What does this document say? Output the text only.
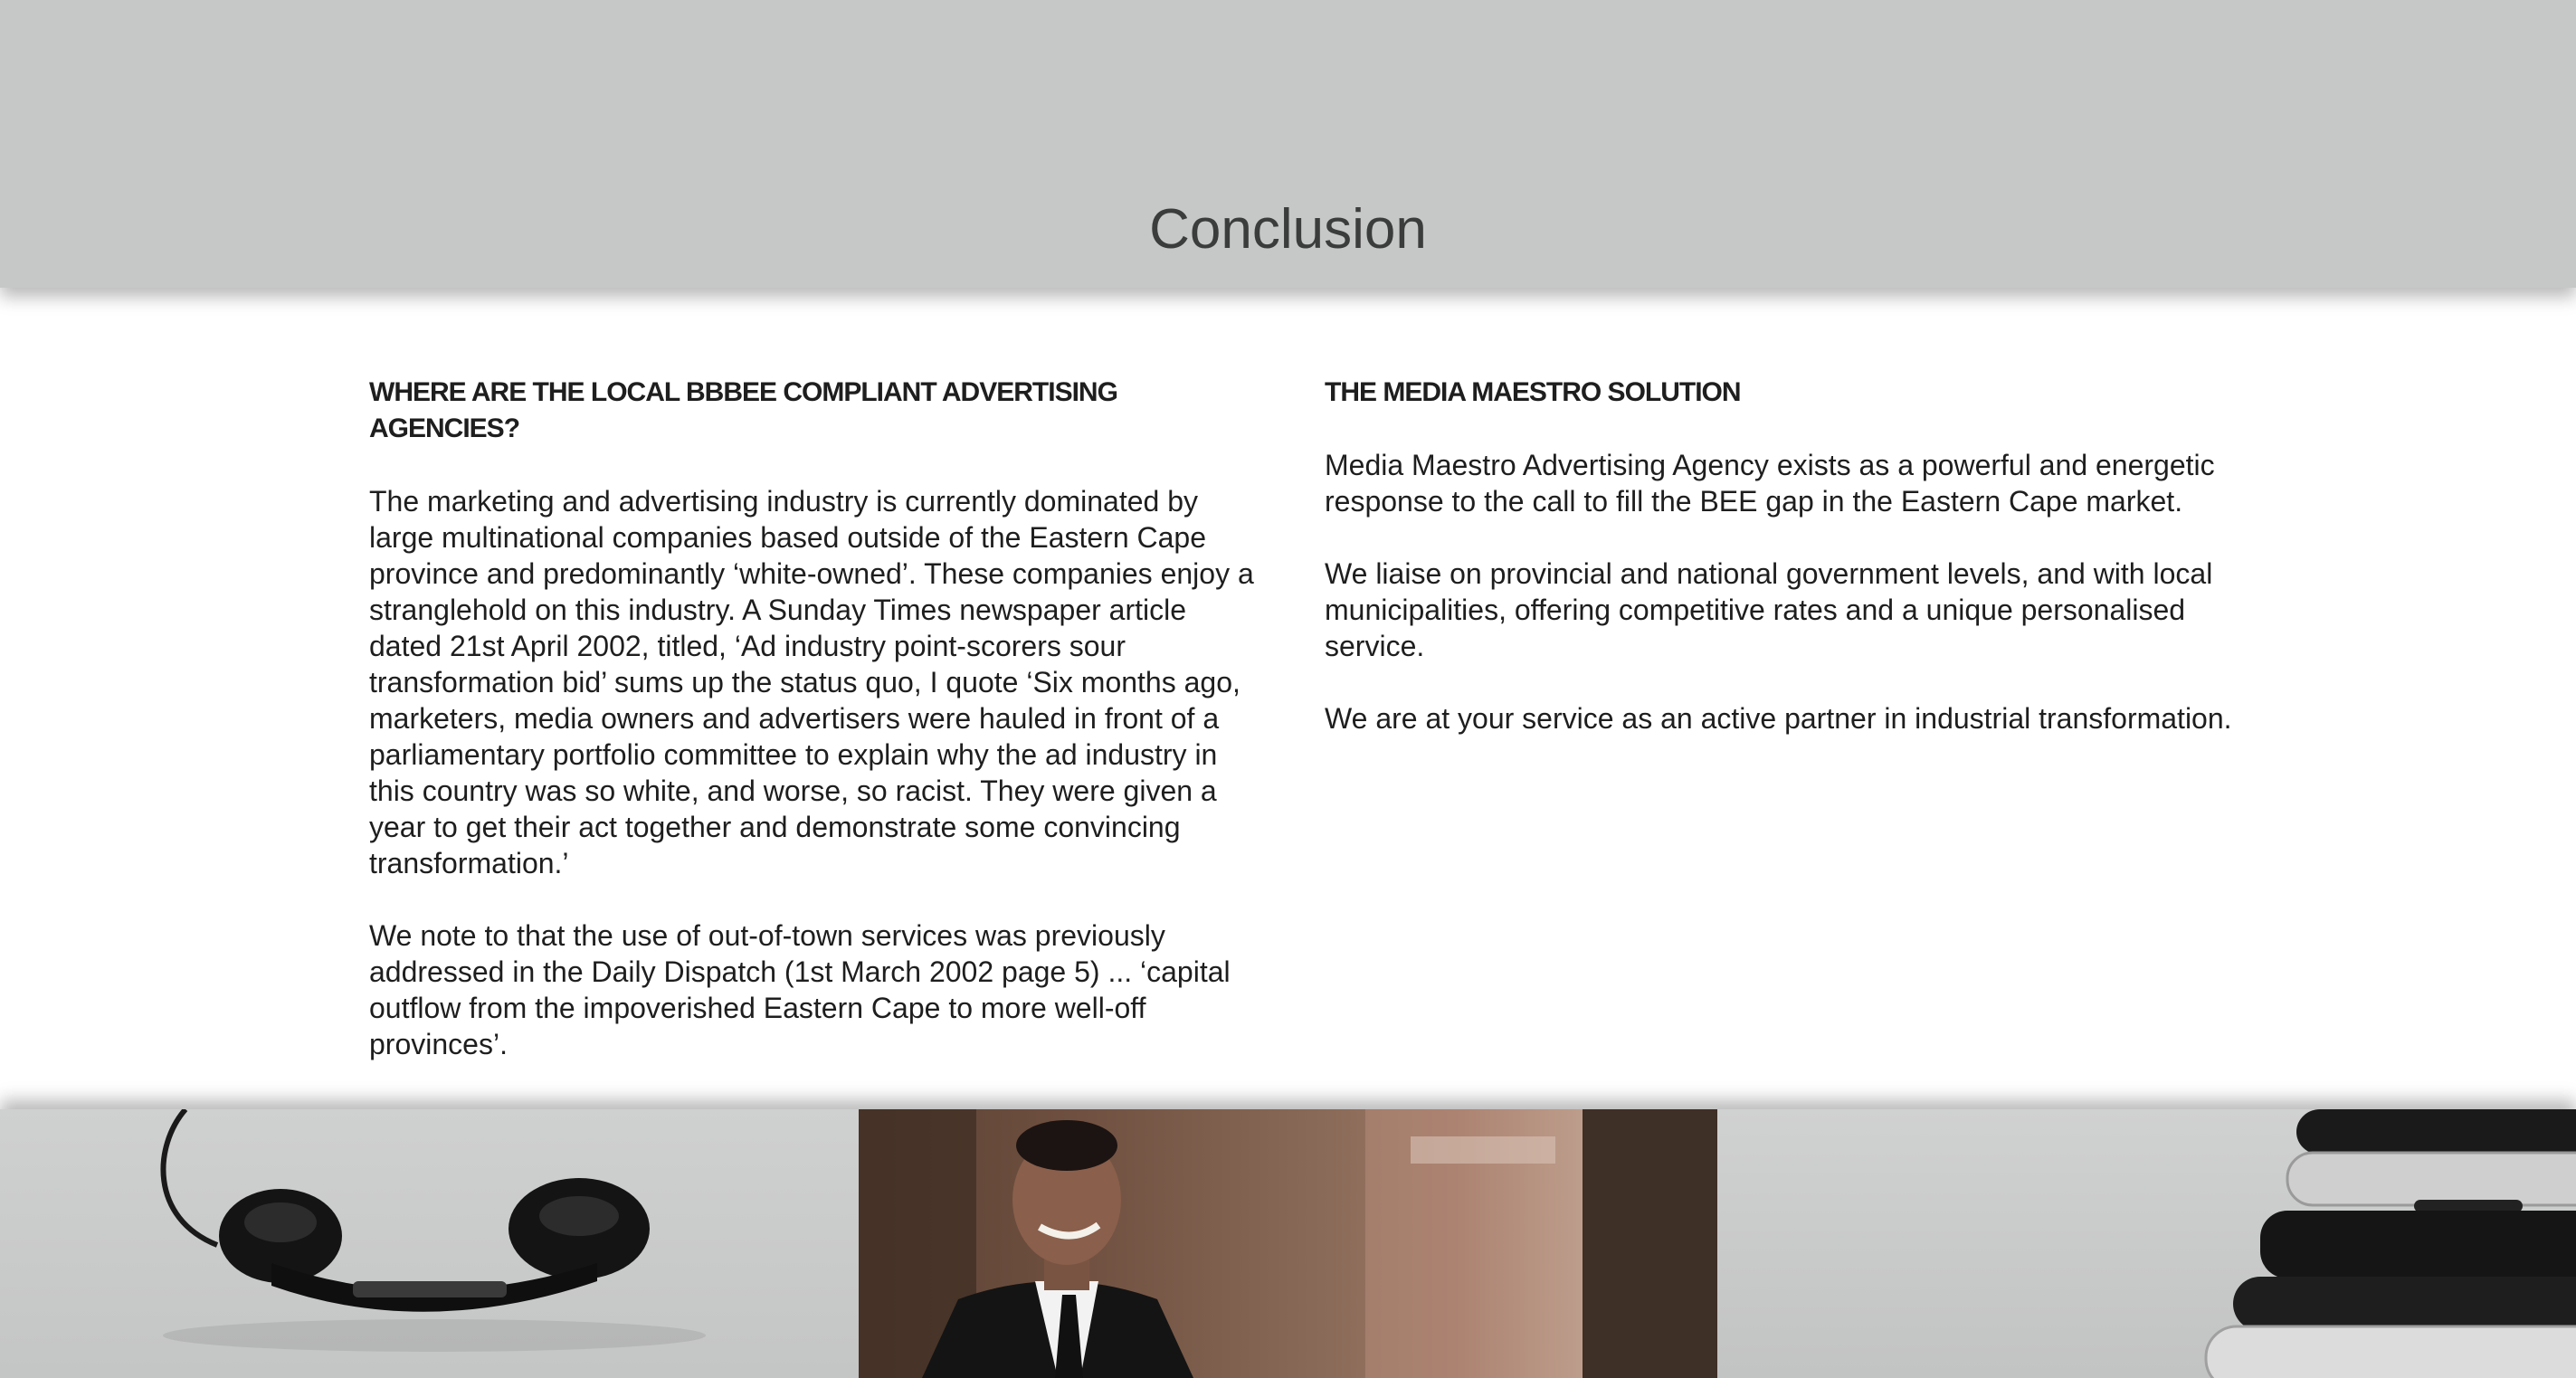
Conclusion
WHERE ARE THE LOCAL BBBEE COMPLIANT ADVERTISING AGENCIES?

The marketing and advertising industry is currently dominated by large multinational companies based outside of the Eastern Cape province and predominantly ‘white-owned’. These companies enjoy a stranglehold on this industry. A Sunday Times newspaper article dated 21st April 2002, titled, ‘Ad industry point-scorers sour transformation bid’ sums up the status quo, I quote ‘Six months ago, marketers, media owners and advertisers were hauled in front of a parliamentary portfolio committee to explain why the ad industry in this country was so white, and worse, so racist. They were given a year to get their act together and demonstrate some convincing transformation.’

We note to that the use of out-of-town services was previously addressed in the Daily Dispatch (1st March 2002 page 5) ... ‘capital outflow from the impoverished Eastern Cape to more well-off provinces’.

THE MEDIA MAESTRO SOLUTION

Media Maestro Advertising Agency exists as a powerful and energetic response to the call to fill the BEE gap in the Eastern Cape market.

We liaise on provincial and national government levels, and with local municipalities, offering competitive rates and a unique personalised service.

We are at your service as an active partner in industrial transformation.
